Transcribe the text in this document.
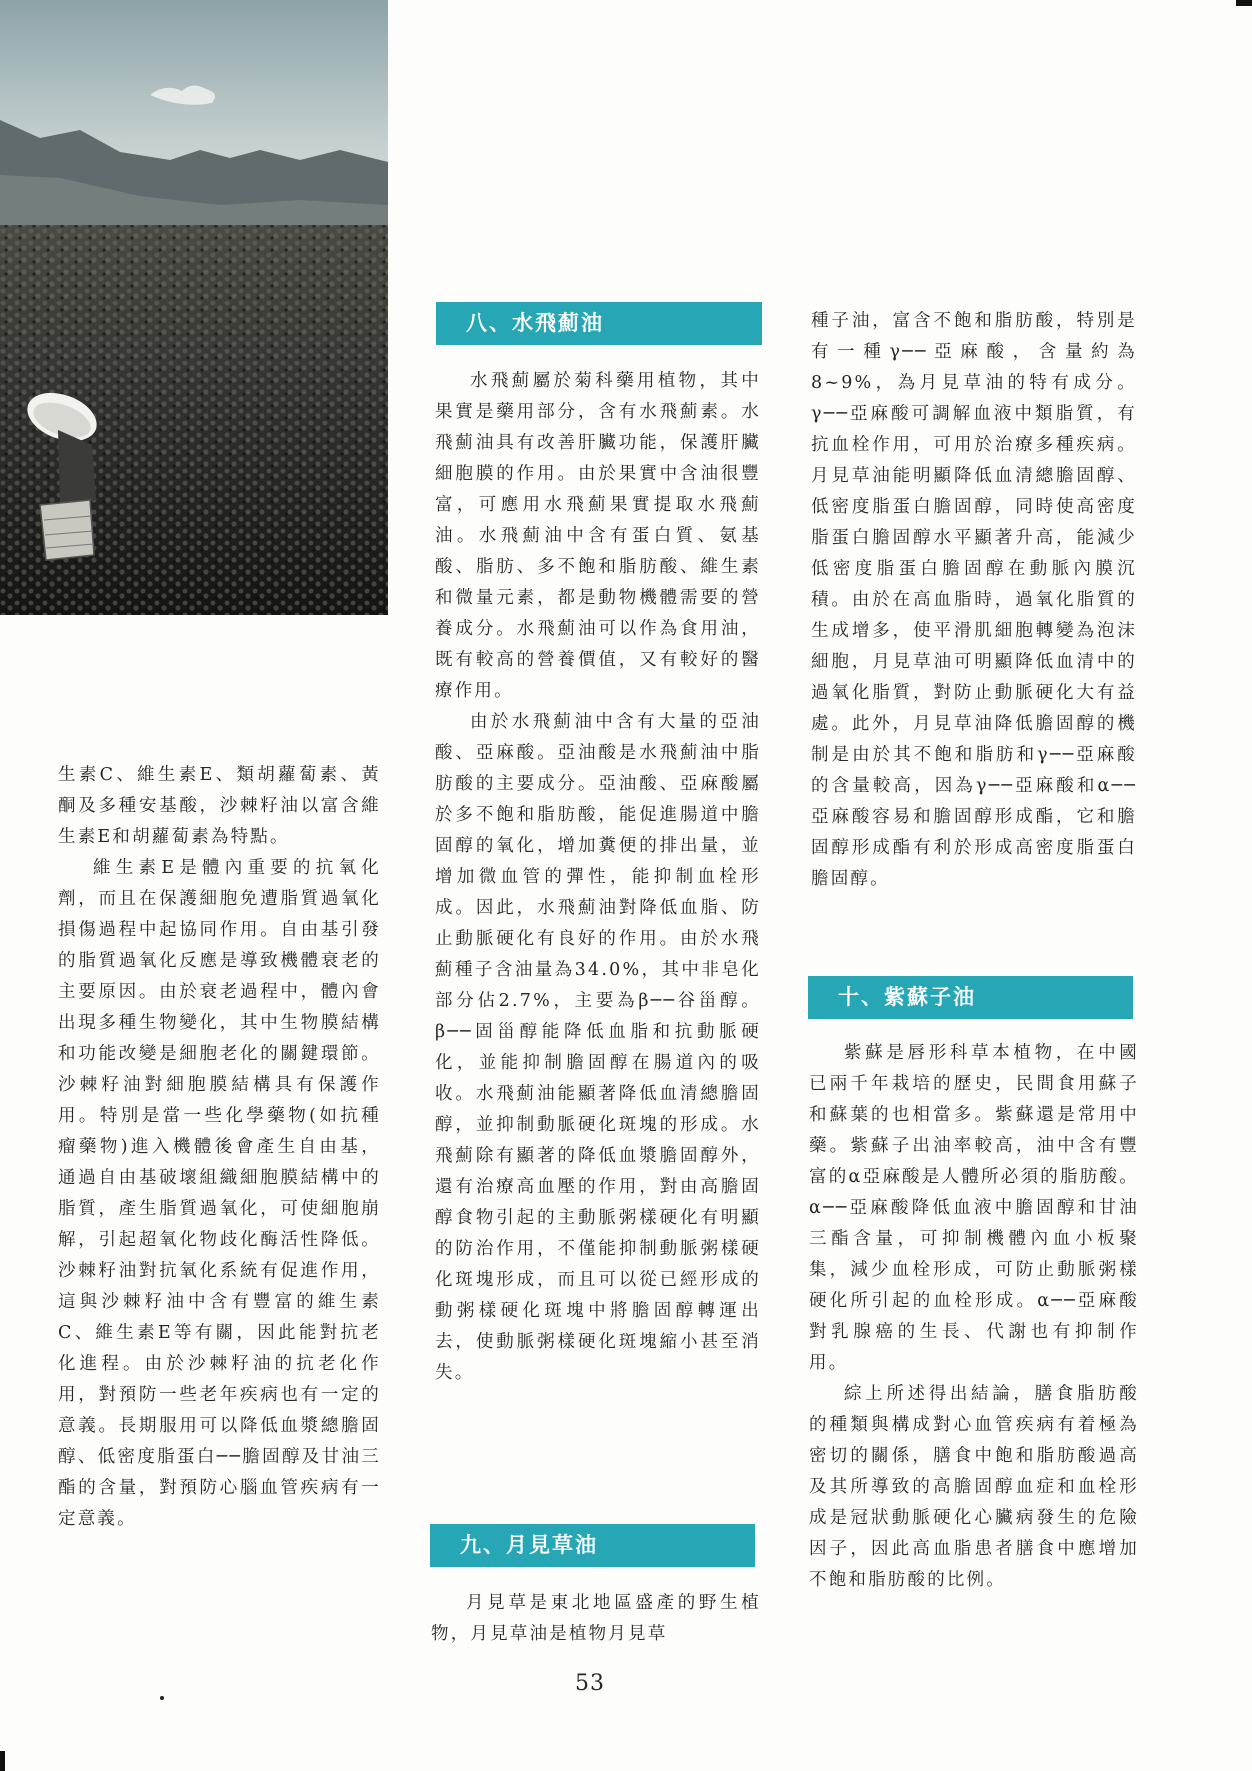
生素C、維生素E、類胡蘿蔔素、黃酮及多種安基酸，沙棘籽油以富含維生素E和胡蘿蔔素為特點。

維生素E是體內重要的抗氧化劑，而且在保護細胞免遭脂質過氧化損傷過程中起協同作用。自由基引發的脂質過氧化反應是導致機體衰老的主要原因。由於衰老過程中，體內會出現多種生物變化，其中生物膜結構和功能改變是細胞老化的關鍵環節。沙棘籽油對細胞膜結構具有保護作用。特別是當一些化學藥物(如抗種瘤藥物)進入機體後會產生自由基，通過自由基破壞組織細胞膜結構中的脂質，產生脂質過氧化，可使細胞崩解，引起超氧化物歧化酶活性降低。沙棘籽油對抗氧化系統有促進作用，這與沙棘籽油中含有豐富的維生素C、維生素E等有關，因此能對抗老化進程。由於沙棘籽油的抗老化作用，對預防一些老年疾病也有一定的意義。長期服用可以降低血漿總膽固醇、低密度脂蛋白──膽固醇及甘油三酯的含量，對預防心腦血管疾病有一定意義。

八、水飛薊油

水飛薊屬於菊科藥用植物，其中果實是藥用部分，含有水飛薊素。水飛薊油具有改善肝臟功能，保護肝臟細胞膜的作用。由於果實中含油很豐富，可應用水飛薊果實提取水飛薊油。水飛薊油中含有蛋白質、氨基酸、脂肪、多不飽和脂肪酸、維生素和微量元素，都是動物機體需要的營養成分。水飛薊油可以作為食用油，既有較高的營養價值，又有較好的醫療作用。

由於水飛薊油中含有大量的亞油酸、亞麻酸。亞油酸是水飛薊油中脂肪酸的主要成分。亞油酸、亞麻酸屬於多不飽和脂肪酸，能促進腸道中膽固醇的氧化，增加糞便的排出量，並增加微血管的彈性，能抑制血栓形成。因此，水飛薊油對降低血脂、防止動脈硬化有良好的作用。由於水飛薊種子含油量為34.0%，其中非皂化部分佔2.7%，主要為β──谷甾醇。β──固甾醇能降低血脂和抗動脈硬化，並能抑制膽固醇在腸道內的吸收。水飛薊油能顯著降低血清總膽固醇，並抑制動脈硬化斑塊的形成。水飛薊除有顯著的降低血漿膽固醇外，還有治療高血壓的作用，對由高膽固醇食物引起的主動脈粥樣硬化有明顯的防治作用，不僅能抑制動脈粥樣硬化斑塊形成，而且可以從已經形成的動粥樣硬化斑塊中將膽固醇轉運出去，使動脈粥樣硬化斑塊縮小甚至消失。

九、月見草油

月見草是東北地區盛產的野生植物，月見草油是植物月見草

種子油，富含不飽和脂肪酸，特別是有一種γ──亞麻酸，含量約為8~9%，為月見草油的特有成分。γ──亞麻酸可調解血液中類脂質，有抗血栓作用，可用於治療多種疾病。月見草油能明顯降低血清總膽固醇、低密度脂蛋白膽固醇，同時使高密度脂蛋白膽固醇水平顯著升高，能減少低密度脂蛋白膽固醇在動脈內膜沉積。由於在高血脂時，過氧化脂質的生成增多，使平滑肌細胞轉變為泡沫細胞，月見草油可明顯降低血清中的過氧化脂質，對防止動脈硬化大有益處。此外，月見草油降低膽固醇的機制是由於其不飽和脂肪和γ──亞麻酸的含量較高，因為γ──亞麻酸和α──亞麻酸容易和膽固醇形成酯，它和膽固醇形成酯有利於形成高密度脂蛋白膽固醇。

十、紫蘇子油

紫蘇是唇形科草本植物，在中國已兩千年栽培的歷史，民間食用蘇子和蘇葉的也相當多。紫蘇還是常用中藥。紫蘇子出油率較高，油中含有豐富的α亞麻酸是人體所必須的脂肪酸。α──亞麻酸降低血液中膽固醇和甘油三酯含量，可抑制機體內血小板聚集，減少血栓形成，可防止動脈粥樣硬化所引起的血栓形成。α──亞麻酸對乳腺癌的生長、代謝也有抑制作用。

綜上所述得出結論，膳食脂肪酸的種類與構成對心血管疾病有着極為密切的關係，膳食中飽和脂肪酸過高及其所導致的高膽固醇血症和血栓形成是冠狀動脈硬化心臟病發生的危險因子，因此高血脂患者膳食中應增加不飽和脂肪酸的比例。

53
